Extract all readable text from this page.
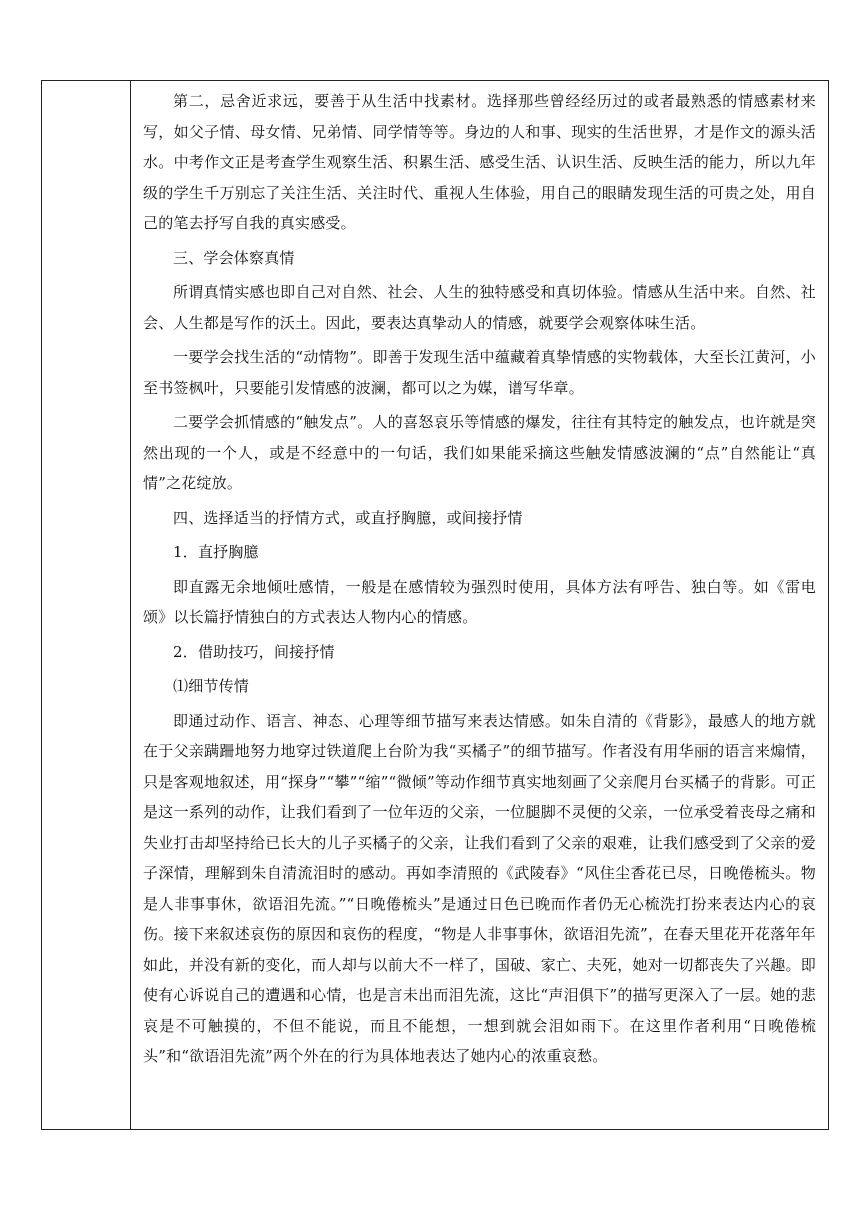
第二，忌舍近求远，要善于从生活中找素材。选择那些曾经经历过的或者最熟悉的情感素材来写，如父子情、母女情、兄弟情、同学情等等。身边的人和事、现实的生活世界，才是作文的源头活水。中考作文正是考查学生观察生活、积累生活、感受生活、认识生活、反映生活的能力，所以九年级的学生千万别忘了关注生活、关注时代、重视人生体验，用自己的眼睛发现生活的可贵之处，用自己的笔去抒写自我的真实感受。

三、学会体察真情

所谓真情实感也即自己对自然、社会、人生的独特感受和真切体验。情感从生活中来。自然、社会、人生都是写作的沃土。因此，要表达真挚动人的情感，就要学会观察体味生活。

一要学会找生活的“动情物”。即善于发现生活中蕴藏着真挚情感的实物载体，大至长江黄河，小至书签枫叶，只要能引发情感的波澜，都可以之为媒，谱写华章。

二要学会抓情感的“触发点”。人的喜怒哀乐等情感的爆发，往往有其特定的触发点，也许就是突然出现的一个人，或是不经意中的一句话，我们如果能采摘这些触发情感波澜的“点”自然能让“真情”之花绽放。

四、选择适当的抒情方式，或直抒胸臆，或间接抒情

1．直抒胸臆

即直露无余地倾吐感情，一般是在感情较为强烈时使用，具体方法有呼告、独白等。如《雷电颂》以长篇抒情独白的方式表达人物内心的情感。

2．借助技巧，间接抒情

⑴细节传情

即通过动作、语言、神态、心理等细节描写来表达情感。如朱自清的《背影》，最感人的地方就在于父亲蹒跚地努力地穿过铁道爬上台阶为我“买橘子”的细节描写。作者没有用华丽的语言来煽情，只是客观地叙述，用“探身”“攀”“缩”“微倾”等动作细节真实地刻画了父亲爬月台买橘子的背影。可正是这一系列的动作，让我们看到了一位年迈的父亲，一位腿脚不灵便的父亲，一位承受着丧母之痛和失业打击却坚持给已长大的儿子买橘子的父亲，让我们看到了父亲的艰难，让我们感受到了父亲的爱子深情，理解到朱自清流泪时的感动。再如李清照的《武陵春》“风住尘香花已尽，日晚倦梳头。物是人非事事休，欲语泪先流。”“日晚倦梳头”是通过日色已晚而作者仍无心梳洗打扮来表达内心的哀伤。接下来叙述哀伤的原因和哀伤的程度，“物是人非事事休，欲语泪先流”，在春天里花开花落年年如此，并没有新的变化，而人却与以前大不一样了，国破、家亡、夫死，她对一切都丧失了兴趣。即使有心诉说自己的遭遇和心情，也是言未出而泪先流，这比“声泪俱下”的描写更深入了一层。她的悲哀是不可触摸的，不但不能说，而且不能想，一想到就会泪如雨下。在这里作者利用“日晚倦梳头”和“欲语泪先流”两个外在的行为具体地表达了她内心的浓重哀愁。
